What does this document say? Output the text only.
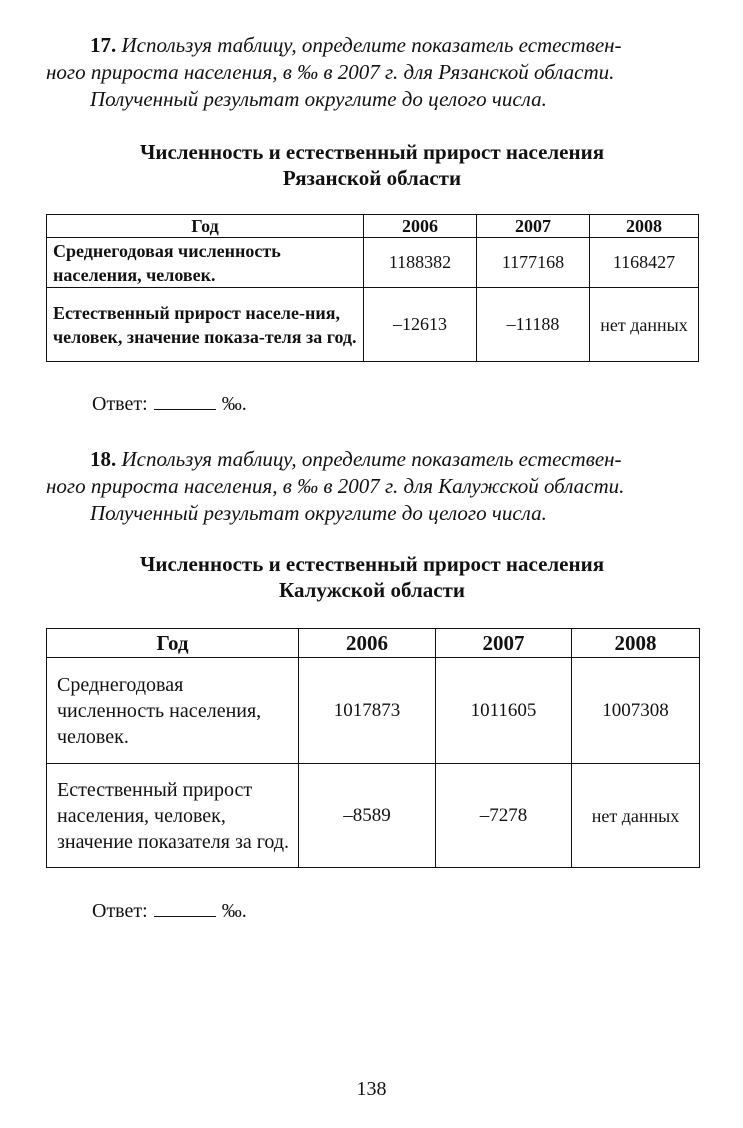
17. Используя таблицу, определите показатель естествен-

ного прироста населения, в ‰ в 2007 г. для Рязанской области.

Полученный результат округлите до целого числа.

Численность и естественный прирост населения
Рязанской области
Год	2006	2007	2008
Среднегодовая численность населения, человек.	1188382	1177168	1168427
Естественный прирост населе-ния, человек, значение показа-теля за год.	–12613	–11188	нет данных
Ответ:	‰.

18. Используя таблицу, определите показатель естествен-

ного прироста населения, в ‰ в 2007 г. для Калужской области.

Полученный результат округлите до целого числа.

Численность и естественный прирост населения
Калужской области
Год	2006	2007	2008
Среднегодовая численность населения, человек.	1017873	1011605	1007308
Естественный прирост населения, человек, значение показателя за год.	–8589	–7278	нет данных
Ответ:	‰.
138
